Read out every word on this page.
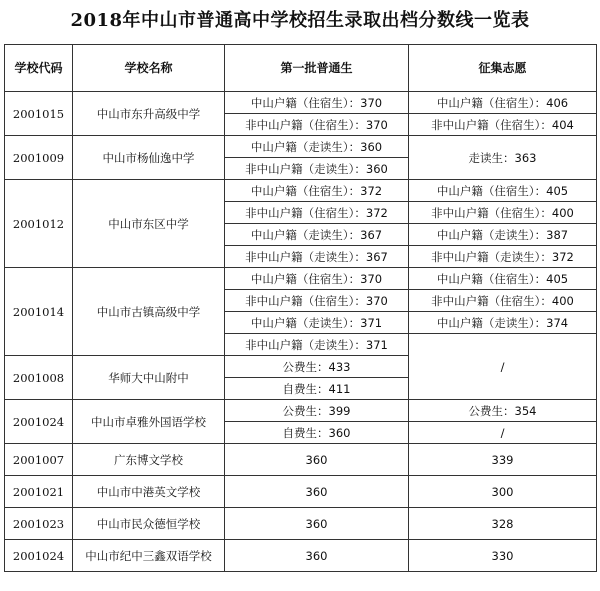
2018年中山市普通高中学校招生录取出档分数线一览表
学校代码	学校名称	第一批普通生	征集志愿
2001015	中山市东升高级中学	中山户籍（住宿生）：370	中山户籍（住宿生）：406
		非中山户籍（住宿生）：370	非中山户籍（住宿生）：404
2001009	中山市杨仙逸中学	中山户籍（走读生）：360	走读生：363
		非中山户籍（走读生）：360	
2001012	中山市东区中学	中山户籍（住宿生）：372	中山户籍（住宿生）：405
		非中山户籍（住宿生）：372	非中山户籍（住宿生）：400
		中山户籍（走读生）：367	中山户籍（走读生）：387
		非中山户籍（走读生）：367	非中山户籍（走读生）：372
2001014	中山市古镇高级中学	中山户籍（住宿生）：370	中山户籍（住宿生）：405
		非中山户籍（住宿生）：370	非中山户籍（住宿生）：400
		中山户籍（走读生）：371	中山户籍（走读生）：374
		非中山户籍（走读生）：371	/
2001008	华师大中山附中	公费生：433	
		自费生：411	
2001024	中山市卓雅外国语学校	公费生：399	公费生：354
		自费生：360	/
2001007	广东博文学校	360	339
2001021	中山市中港英文学校	360	300
2001023	中山市民众德恒学校	360	328
2001024	中山市纪中三鑫双语学校	360	330
